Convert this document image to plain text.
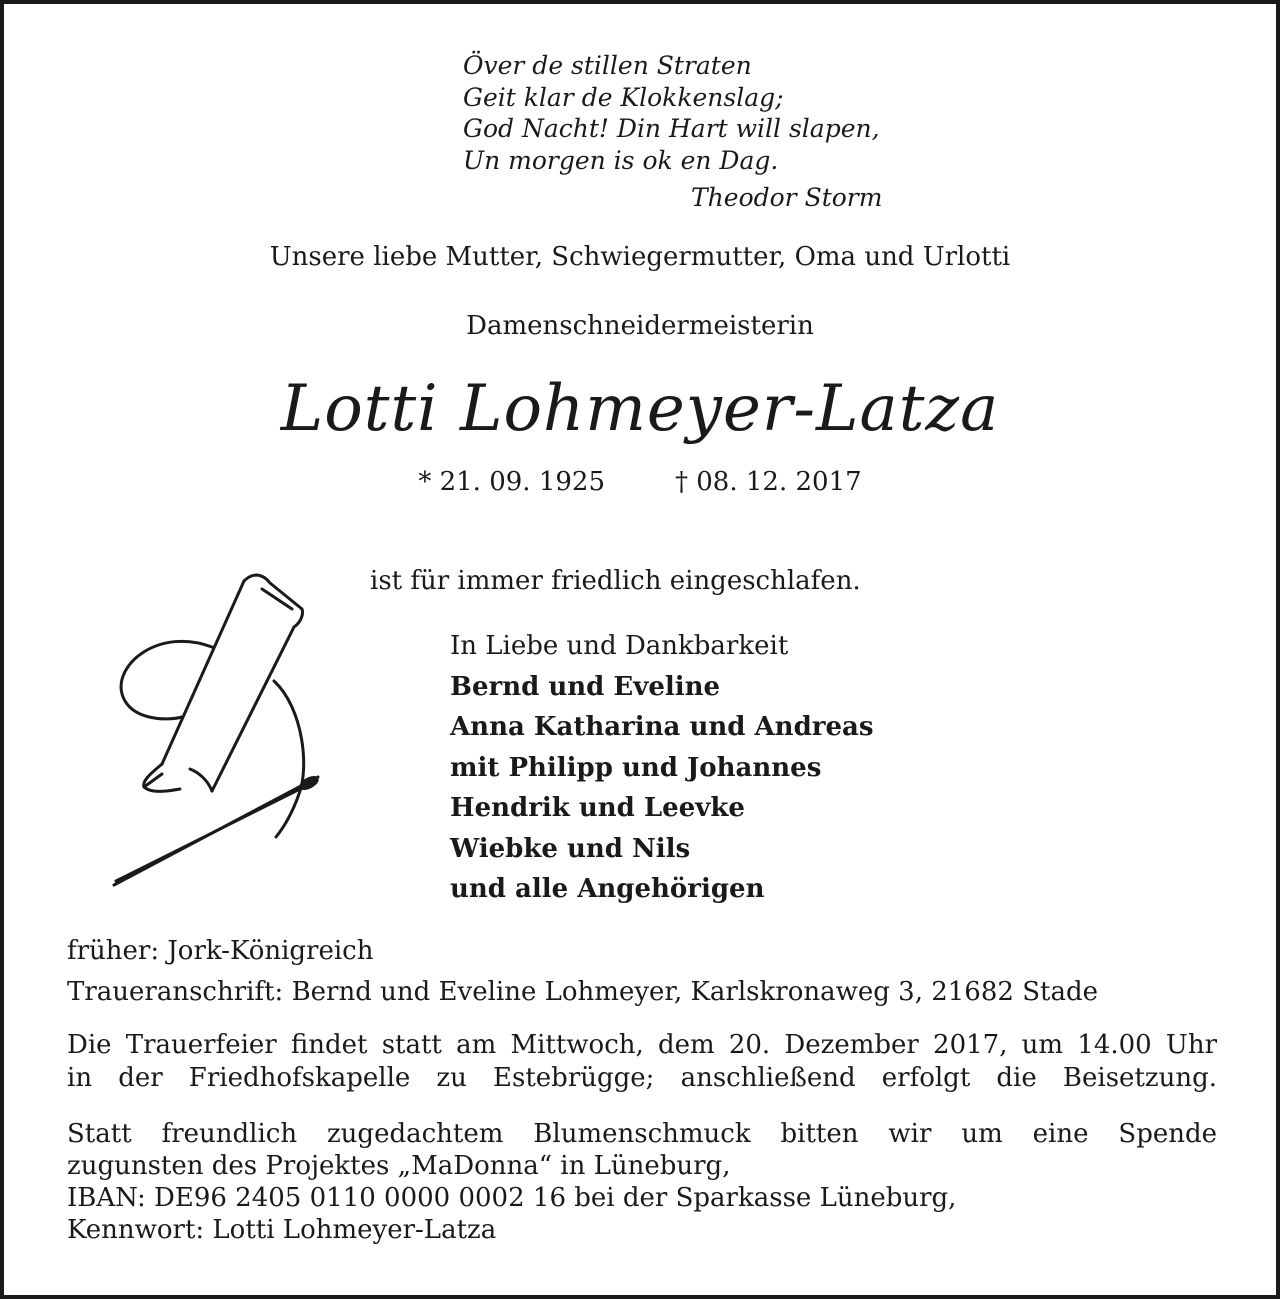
Över de stillen Straten
Geit klar de Klokkenslag;
God Nacht! Din Hart will slapen,
Un morgen is ok en Dag.
Theodor Storm
Unsere liebe Mutter, Schwiegermutter, Oma und Urlotti
Damenschneidermeisterin
Lotti Lohmeyer-Latza
* 21. 09. 1925	† 08. 12. 2017
ist für immer friedlich eingeschlafen.
In Liebe und Dankbarkeit
Bernd und Eveline
Anna Katharina und Andreas
mit Philipp und Johannes
Hendrik und Leevke
Wiebke und Nils
und alle Angehörigen
früher: Jork-Königreich
Traueranschrift: Bernd und Eveline Lohmeyer, Karlskronaweg 3, 21682 Stade
Die Trauerfeier findet statt am Mittwoch, dem 20. Dezember 2017, um 14.00 Uhr
in der Friedhofskapelle zu Estebrügge; anschließend erfolgt die Beisetzung.
Statt freundlich zugedachtem Blumenschmuck bitten wir um eine Spende
zugunsten des Projektes „MaDonna“ in Lüneburg,
IBAN: DE96 2405 0110 0000 0002 16 bei der Sparkasse Lüneburg,
Kennwort: Lotti Lohmeyer-Latza
